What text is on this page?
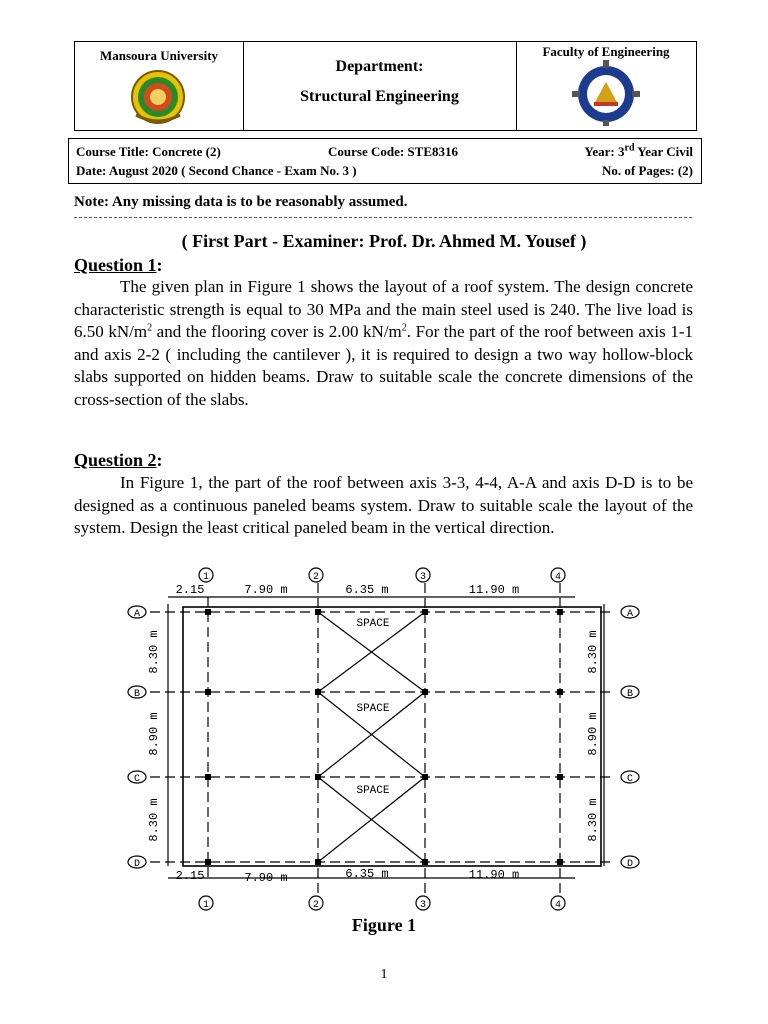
Mansoura University
Department:
Structural Engineering
Faculty of Engineering
Course Title: Concrete (2)	Course Code: STE8316	Year: 3rd Year Civil
Date: August 2020 ( Second Chance - Exam No. 3 )	No. of Pages: (2)
Note: Any missing data is to be reasonably assumed.
( First Part - Examiner: Prof. Dr. Ahmed M. Yousef )
Question 1:
The given plan in Figure 1 shows the layout of a roof system. The design concrete characteristic strength is equal to 30 MPa and the main steel used is 240. The live load is 6.50 $kN/m^2$ and the flooring cover is 2.00 $kN/m^2$. For the part of the roof between axis 1-1 and axis 2-2 ( including the cantilever ), it is required to design a two way hollow-block slabs supported on hidden beams. Draw to suitable scale the concrete dimensions of the cross-section of the slabs.
Question 2:
In Figure 1, the part of the roof between axis 3-3, 4-4, A-A and axis D-D is to be designed as a continuous paneled beams system. Draw to suitable scale the layout of the system. Design the least critical paneled beam in the vertical direction.
1	2	3	4
1	2	3	4
A
B
C
D
A
B
C
D
2.15	7.90 m	6.35 m	11.90 m
2.15	7.90 m	6.35 m	11.90 m
SPACE
SPACE
SPACE
8.30 m
8.90 m
8.30 m
8.30 m
8.90 m
8.30 m
Figure 1
1
